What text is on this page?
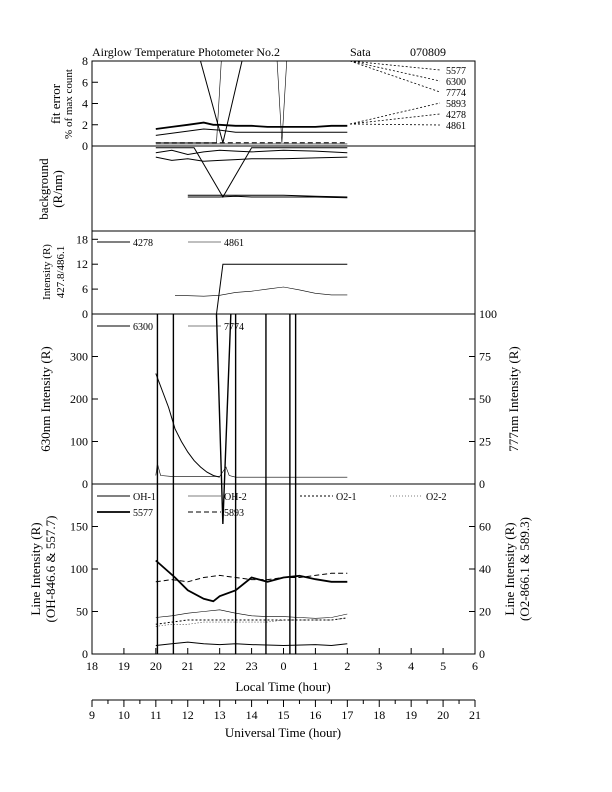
Airglow Temperature Photometer No.2	Sata	070809
fit error % of max count
0
2
4
6
8
5577
6300
7774
5893
4278
4861
background (R/nm)
Intensity (R) 427.8/486.1
0
6
12
18	4278	4861
630nm Intensity (R)	777nm Intensity (R)
0
100
200
300
0
25
50
75
100
6300	7774
Line Intensity (R) (OH-846.6 & 557.7)	Line Intensity (R) (O2-866.1 & 589.3)
0
50
100
150
0
20
40
60
OH-1	OH-2	O2-1	O2-2
5577	5893
18 19 20 21 22 23 0 1 2 3 4 5 6
Local Time (hour)
9 10 11 12 13 14 15 16 17 18 19 20 21
Universal Time (hour)
